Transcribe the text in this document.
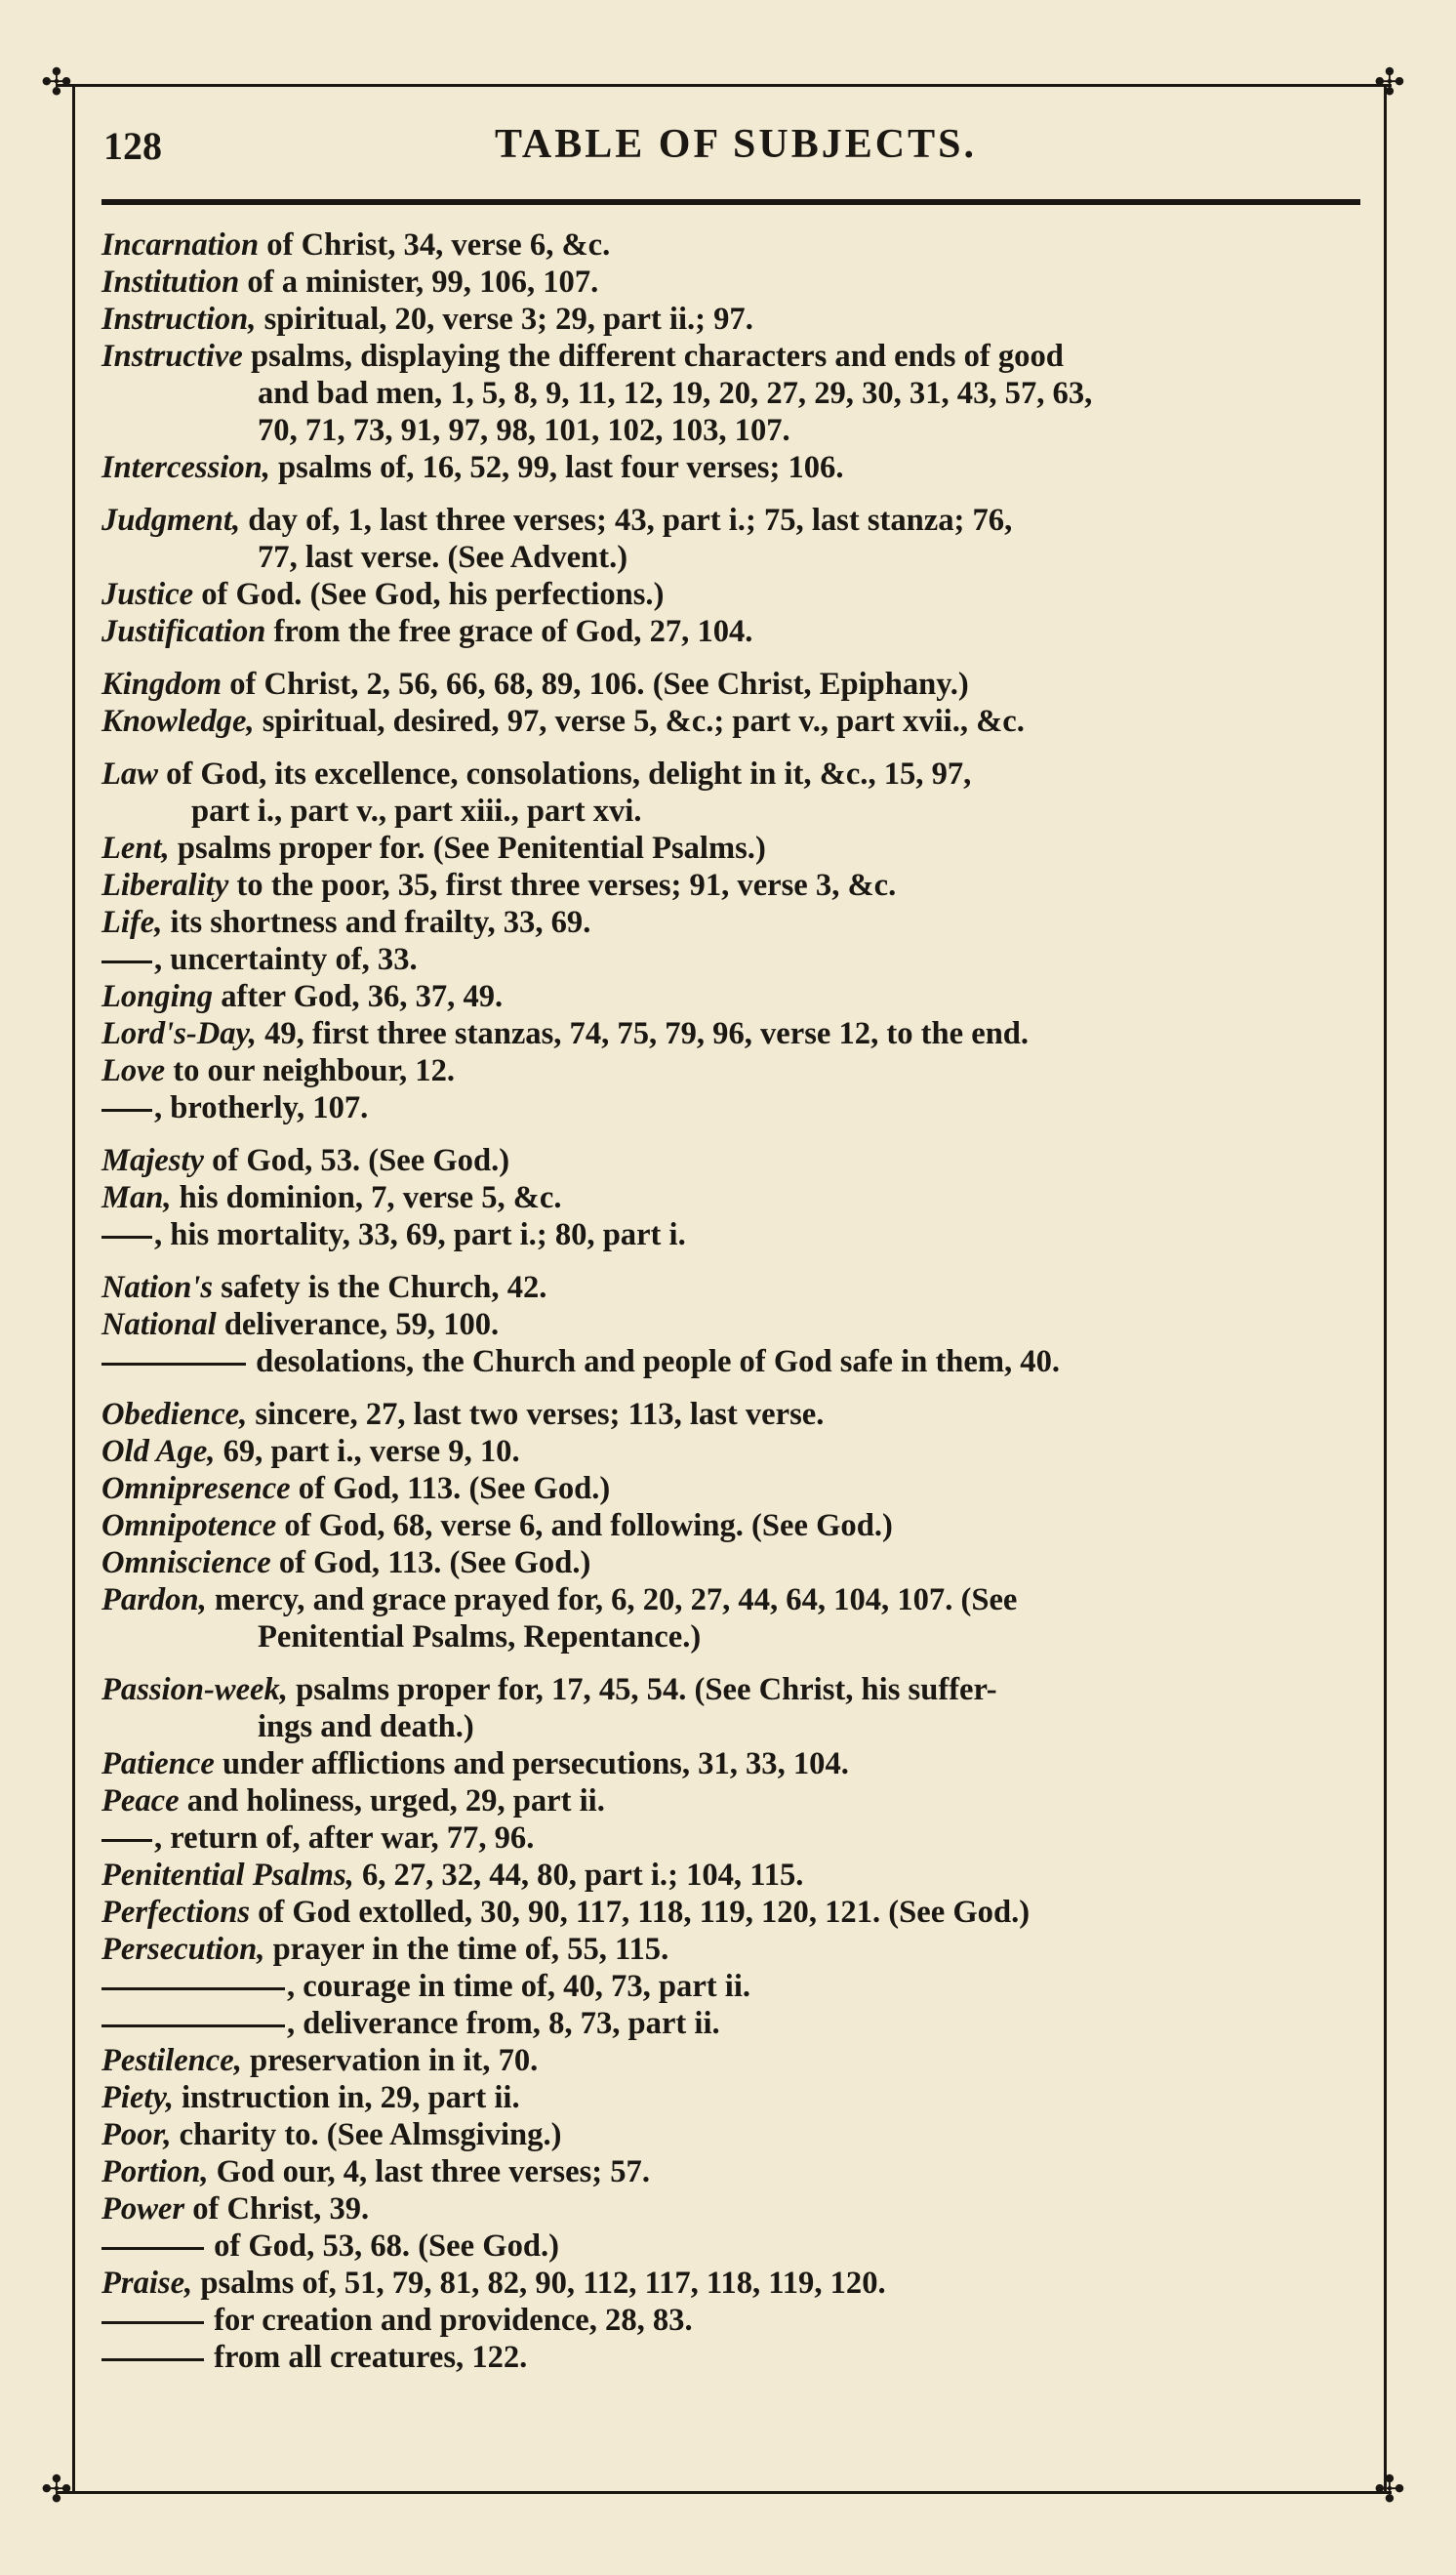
✣	✣
✣	✣
128	TABLE OF SUBJECTS.
Incarnation of Christ, 34, verse 6, &c.
Institution of a minister, 99, 106, 107.
Instruction, spiritual, 20, verse 3; 29, part ii.; 97.
Instructive psalms, displaying the different characters and ends of good
and bad men, 1, 5, 8, 9, 11, 12, 19, 20, 27, 29, 30, 31, 43, 57, 63,
70, 71, 73, 91, 97, 98, 101, 102, 103, 107.
Intercession, psalms of, 16, 52, 99, last four verses; 106.
Judgment, day of, 1, last three verses; 43, part i.; 75, last stanza; 76,
77, last verse. (See Advent.)
Justice of God. (See God, his perfections.)
Justification from the free grace of God, 27, 104.
Kingdom of Christ, 2, 56, 66, 68, 89, 106. (See Christ, Epiphany.)
Knowledge, spiritual, desired, 97, verse 5, &c.; part v., part xvii., &c.
Law of God, its excellence, consolations, delight in it, &c., 15, 97,
part i., part v., part xiii., part xvi.
Lent, psalms proper for. (See Penitential Psalms.)
Liberality to the poor, 35, first three verses; 91, verse 3, &c.
Life, its shortness and frailty, 33, 69.
, uncertainty of, 33.
Longing after God, 36, 37, 49.
Lord's-Day, 49, first three stanzas, 74, 75, 79, 96, verse 12, to the end.
Love to our neighbour, 12.
, brotherly, 107.
Majesty of God, 53. (See God.)
Man, his dominion, 7, verse 5, &c.
, his mortality, 33, 69, part i.; 80, part i.
Nation's safety is the Church, 42.
National deliverance, 59, 100.
desolations, the Church and people of God safe in them, 40.
Obedience, sincere, 27, last two verses; 113, last verse.
Old Age, 69, part i., verse 9, 10.
Omnipresence of God, 113. (See God.)
Omnipotence of God, 68, verse 6, and following. (See God.)
Omniscience of God, 113. (See God.)
Pardon, mercy, and grace prayed for, 6, 20, 27, 44, 64, 104, 107. (See
Penitential Psalms, Repentance.)
Passion-week, psalms proper for, 17, 45, 54. (See Christ, his suffer-
ings and death.)
Patience under afflictions and persecutions, 31, 33, 104.
Peace and holiness, urged, 29, part ii.
, return of, after war, 77, 96.
Penitential Psalms, 6, 27, 32, 44, 80, part i.; 104, 115.
Perfections of God extolled, 30, 90, 117, 118, 119, 120, 121. (See God.)
Persecution, prayer in the time of, 55, 115.
, courage in time of, 40, 73, part ii.
, deliverance from, 8, 73, part ii.
Pestilence, preservation in it, 70.
Piety, instruction in, 29, part ii.
Poor, charity to. (See Almsgiving.)
Portion, God our, 4, last three verses; 57.
Power of Christ, 39.
of God, 53, 68. (See God.)
Praise, psalms of, 51, 79, 81, 82, 90, 112, 117, 118, 119, 120.
for creation and providence, 28, 83.
from all creatures, 122.
